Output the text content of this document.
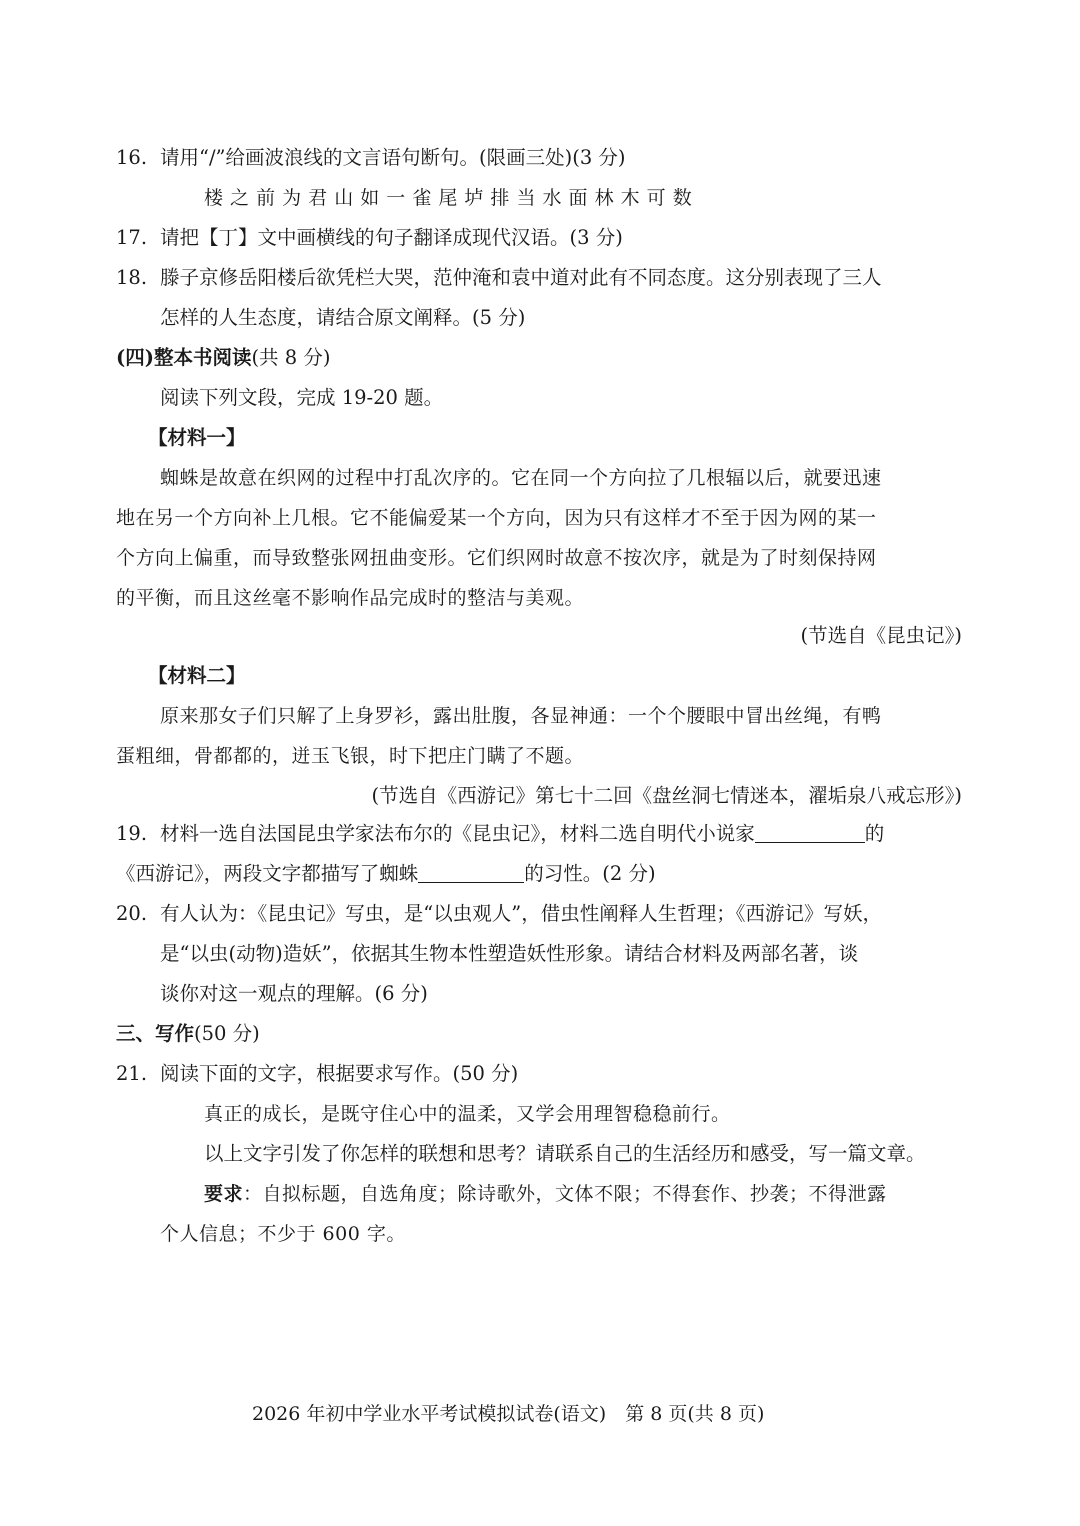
16. 请用“/”给画波浪线的文言语句断句。(限画三处)(3 分)
楼 之 前 为 君 山 如 一 雀 尾 垆 排 当 水 面 林 木 可 数
17. 请把【丁】文中画横线的句子翻译成现代汉语。(3 分)
18. 滕子京修岳阳楼后欲凭栏大哭，范仲淹和袁中道对此有不同态度。这分别表现了三人
怎样的人生态度，请结合原文阐释。(5 分)
(四)整本书阅读(共 8 分)
阅读下列文段，完成 19-20 题。
【材料一】
蜘蛛是故意在织网的过程中打乱次序的。它在同一个方向拉了几根辐以后，就要迅速
地在另一个方向补上几根。它不能偏爱某一个方向，因为只有这样才不至于因为网的某一
个方向上偏重，而导致整张网扭曲变形。它们织网时故意不按次序，就是为了时刻保持网
的平衡，而且这丝毫不影响作品完成时的整洁与美观。
(节选自《昆虫记》)
【材料二】
原来那女子们只解了上身罗衫，露出肚腹，各显神通：一个个腰眼中冒出丝绳，有鸭
蛋粗细，骨都都的，迸玉飞银，时下把庄门瞒了不题。
(节选自《西游记》第七十二回《盘丝洞七情迷本，濯垢泉八戒忘形》)
19. 材料一选自法国昆虫学家法布尔的《昆虫记》，材料二选自明代小说家	的
《西游记》，两段文字都描写了蜘蛛	的习性。(2 分)
20. 有人认为：《昆虫记》写虫，是“以虫观人”，借虫性阐释人生哲理；《西游记》写妖，
是“以虫(动物)造妖”，依据其生物本性塑造妖性形象。请结合材料及两部名著，谈
谈你对这一观点的理解。(6 分)
三、写作(50 分)
21. 阅读下面的文字，根据要求写作。(50 分)
真正的成长，是既守住心中的温柔，又学会用理智稳稳前行。
以上文字引发了你怎样的联想和思考？请联系自己的生活经历和感受，写一篇文章。
要求：自拟标题，自选角度；除诗歌外，文体不限；不得套作、抄袭；不得泄露
个人信息；不少于 600 字。
2026 年初中学业水平考试模拟试卷(语文)　第 8 页(共 8 页)
